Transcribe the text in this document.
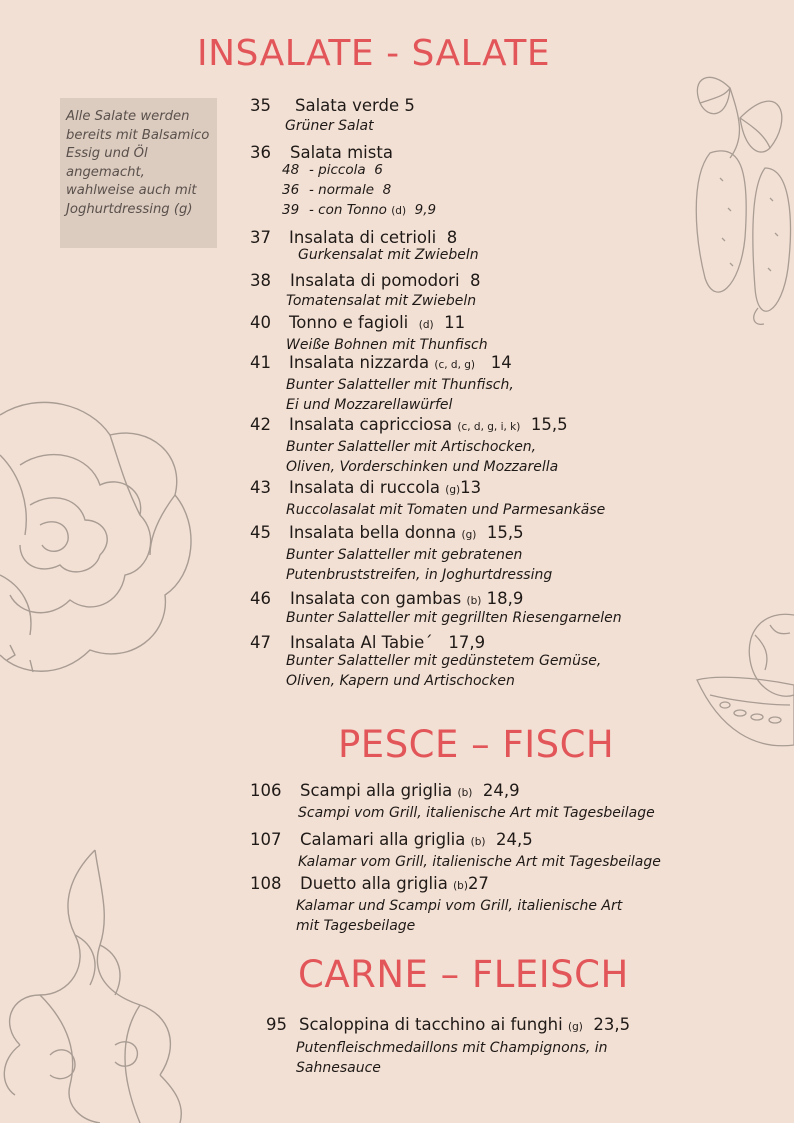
INSALATE - SALATE
Alle Salate werden bereits mit Balsamico Essig und Öl angemacht, wahlweise auch mit Joghurtdressing (g)
35 Salata verde 5
Grüner Salat
36 Salata mista
48 - piccola 6
36 - normale 8
39 - con Tonno (d) 9,9
37 Insalata di cetrioli 8
Gurkensalat mit Zwiebeln
38 Insalata di pomodori 8
Tomatensalat mit Zwiebeln
40 Tonno e fagioli (d) 11
Weiße Bohnen mit Thunfisch
41 Insalata nizzarda (c, d, g) 14
Bunter Salatteller mit Thunfisch,
Ei und Mozzarellawürfel
42 Insalata capricciosa (c, d, g, i, k) 15,5
Bunter Salatteller mit Artischocken,
Oliven, Vorderschinken und Mozzarella
43 Insalata di ruccola (g)13
Ruccolasalat mit Tomaten und Parmesankäse
45 Insalata bella donna (g) 15,5
Bunter Salatteller mit gebratenen
Putenbruststreifen, in Joghurtdressing
46 Insalata con gambas (b) 18,9
Bunter Salatteller mit gegrillten Riesengarnelen
47 Insalata Al Tabie´ 17,9
Bunter Salatteller mit gedünstetem Gemüse,
Oliven, Kapern und Artischocken
PESCE – FISCH
106 Scampi alla griglia (b) 24,9
Scampi vom Grill, italienische Art mit Tagesbeilage
107 Calamari alla griglia (b) 24,5
Kalamar vom Grill, italienische Art mit Tagesbeilage
108 Duetto alla griglia (b)27
Kalamar und Scampi vom Grill, italienische Art
mit Tagesbeilage
CARNE – FLEISCH
95 Scaloppina di tacchino ai funghi (g) 23,5
Putenfleischmedaillons mit Champignons, in
Sahnesauce
